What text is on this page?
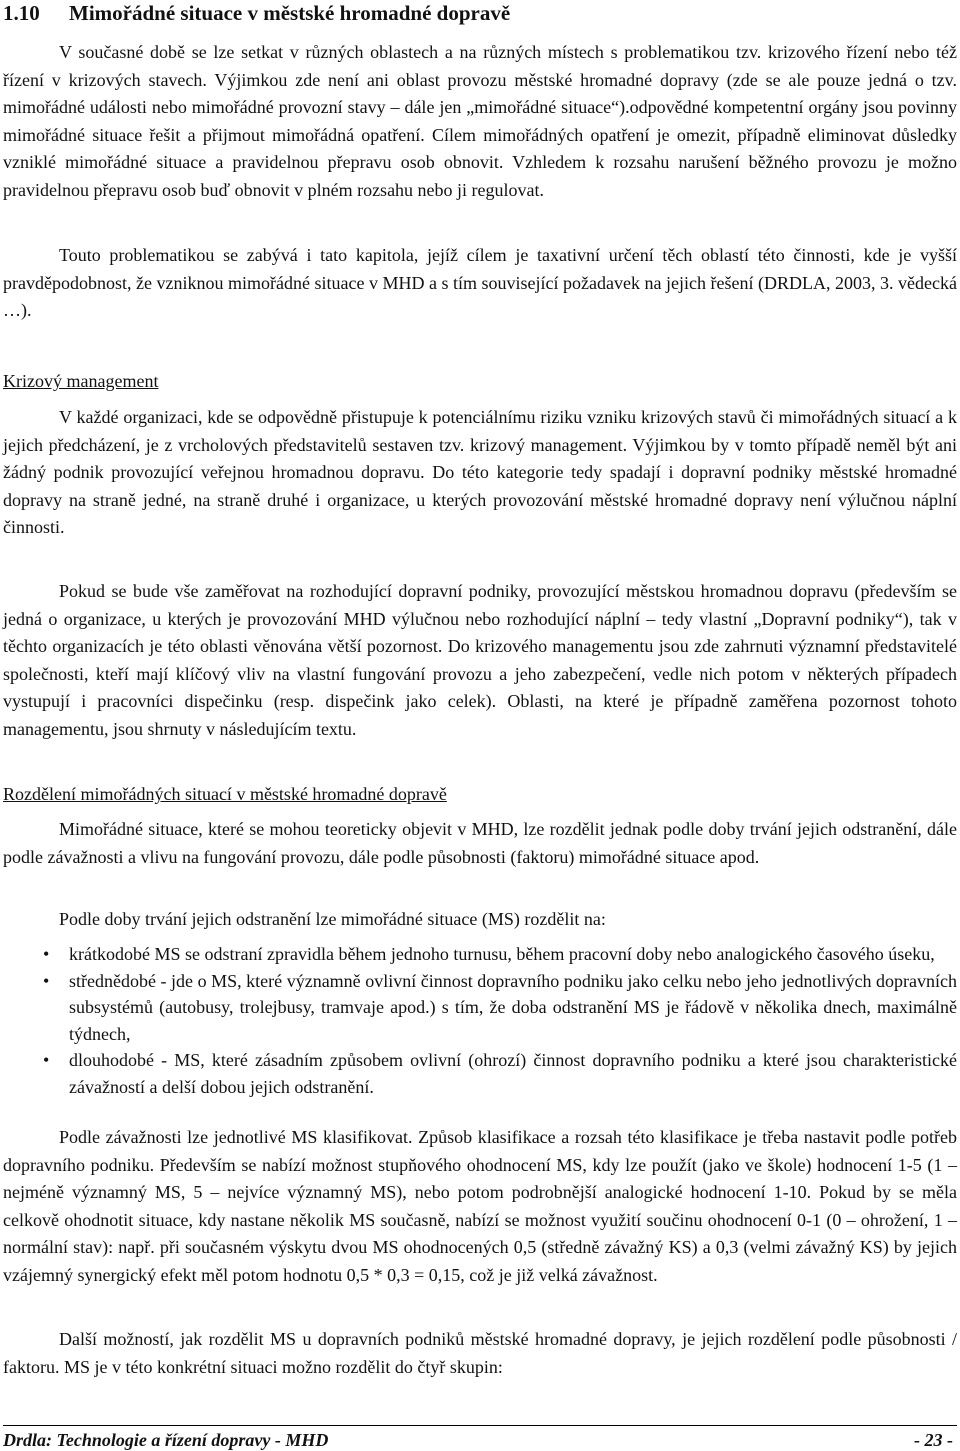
1.10 Mimořádné situace v městské hromadné dopravě
V současné době se lze setkat v různých oblastech a na různých místech s problematikou tzv. krizového řízení nebo též řízení v krizových stavech. Výjimkou zde není ani oblast provozu městské hromadné dopravy (zde se ale pouze jedná o tzv. mimořádné události nebo mimořádné provozní stavy – dále jen „mimořádné situace“).odpovědné kompetentní orgány jsou povinny mimořádné situace řešit a přijmout mimořádná opatření. Cílem mimořádných opatření je omezit, případně eliminovat důsledky vzniklé mimořádné situace a pravidelnou přepravu osob obnovit. Vzhledem k rozsahu narušení běžného provozu je možno pravidelnou přepravu osob buď obnovit v plném rozsahu nebo ji regulovat.
Touto problematikou se zabývá i tato kapitola, jejíž cílem je taxativní určení těch oblastí této činnosti, kde je vyšší pravděpodobnost, že vzniknou mimořádné situace v MHD a s tím související požadavek na jejich řešení (DRDLA, 2003, 3. vědecká …).
Krizový management
V každé organizaci, kde se odpovědně přistupuje k potenciálnímu riziku vzniku krizových stavů či mimořádných situací a k jejich předcházení, je z vrcholových představitelů sestaven tzv. krizový management. Výjimkou by v tomto případě neměl být ani žádný podnik provozující veřejnou hromadnou dopravu. Do této kategorie tedy spadají i dopravní podniky městské hromadné dopravy na straně jedné, na straně druhé i organizace, u kterých provozování městské hromadné dopravy není výlučnou náplní činnosti.
Pokud se bude vše zaměřovat na rozhodující dopravní podniky, provozující městskou hromadnou dopravu (především se jedná o organizace, u kterých je provozování MHD výlučnou nebo rozhodující náplní – tedy vlastní „Dopravní podniky“), tak v těchto organizacích je této oblasti věnována větší pozornost. Do krizového managementu jsou zde zahrnuti významní představitelé společnosti, kteří mají klíčový vliv na vlastní fungování provozu a jeho zabezpečení, vedle nich potom v některých případech vystupují i pracovníci dispečinku (resp. dispečink jako celek). Oblasti, na které je případně zaměřena pozornost tohoto managementu, jsou shrnuty v následujícím textu.
Rozdělení mimořádných situací v městské hromadné dopravě
Mimořádné situace, které se mohou teoreticky objevit v MHD, lze rozdělit jednak podle doby trvání jejich odstranění, dále podle závažnosti a vlivu na fungování provozu, dále podle působnosti (faktoru) mimořádné situace apod.
Podle doby trvání jejich odstranění lze mimořádné situace (MS) rozdělit na:
• krátkodobé MS se odstraní zpravidla během jednoho turnusu, během pracovní doby nebo analogického časového úseku,
• střednědobé - jde o MS, které významně ovlivní činnost dopravního podniku jako celku nebo jeho jednotlivých dopravních subsystémů (autobusy, trolejbusy, tramvaje apod.) s tím, že doba odstranění MS je řádově v několika dnech, maximálně týdnech,
• dlouhodobé - MS, které zásadním způsobem ovlivní (ohrozí) činnost dopravního podniku a které jsou charakteristické závažností a delší dobou jejich odstranění.
Podle závažnosti lze jednotlivé MS klasifikovat. Způsob klasifikace a rozsah této klasifikace je třeba nastavit podle potřeb dopravního podniku. Především se nabízí možnost stupňového ohodnocení MS, kdy lze použít (jako ve škole) hodnocení 1-5 (1 – nejméně významný MS, 5 – nejvíce významný MS), nebo potom podrobnější analogické hodnocení 1-10. Pokud by se měla celkově ohodnotit situace, kdy nastane několik MS současně, nabízí se možnost využití součinu ohodnocení 0-1 (0 – ohrožení, 1 – normální stav): např. při současném výskytu dvou MS ohodnocených 0,5 (středně závažný KS) a 0,3 (velmi závažný KS) by jejich vzájemný synergický efekt měl potom hodnotu 0,5 * 0,3 = 0,15, což je již velká závažnost.
Další možností, jak rozdělit MS u dopravních podniků městské hromadné dopravy, je jejich rozdělení podle působnosti / faktoru. MS je v této konkrétní situaci možno rozdělit do čtyř skupin:
Drdla: Technologie a řízení dopravy - MHD	- 23 -
